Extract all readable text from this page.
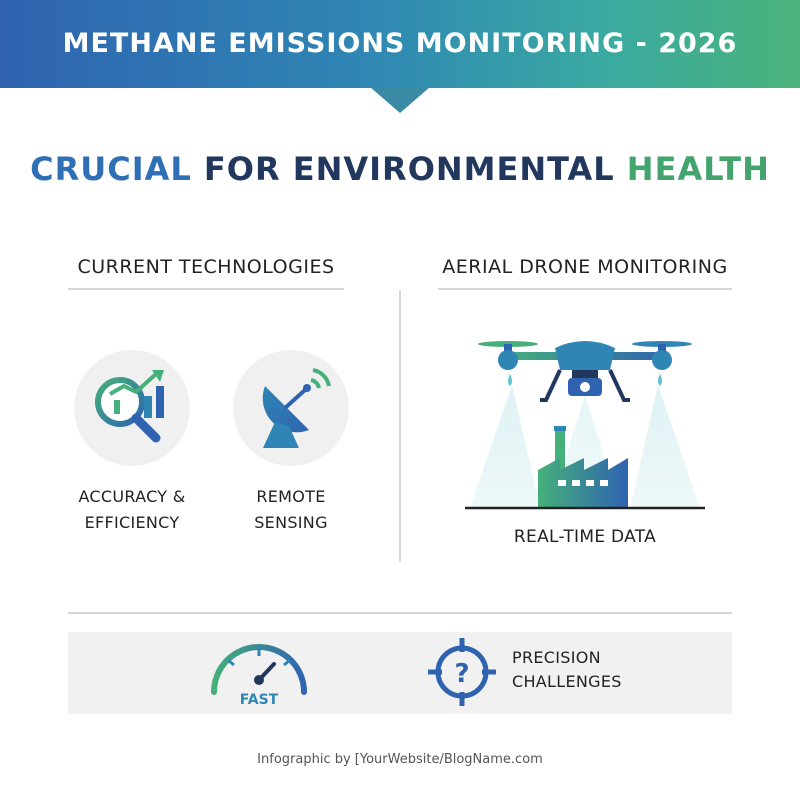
METHANE EMISSIONS MONITORING - 2026
CRUCIAL FOR ENVIRONMENTAL HEALTH
CURRENT TECHNOLOGIES	AERIAL DRONE MONITORING
ACCURACY &
EFFICIENCY
REMOTE
SENSING
REAL-TIME DATA
FAST
?
PRECISION
CHALLENGES
Infographic by [YourWebsite/BlogName.com
